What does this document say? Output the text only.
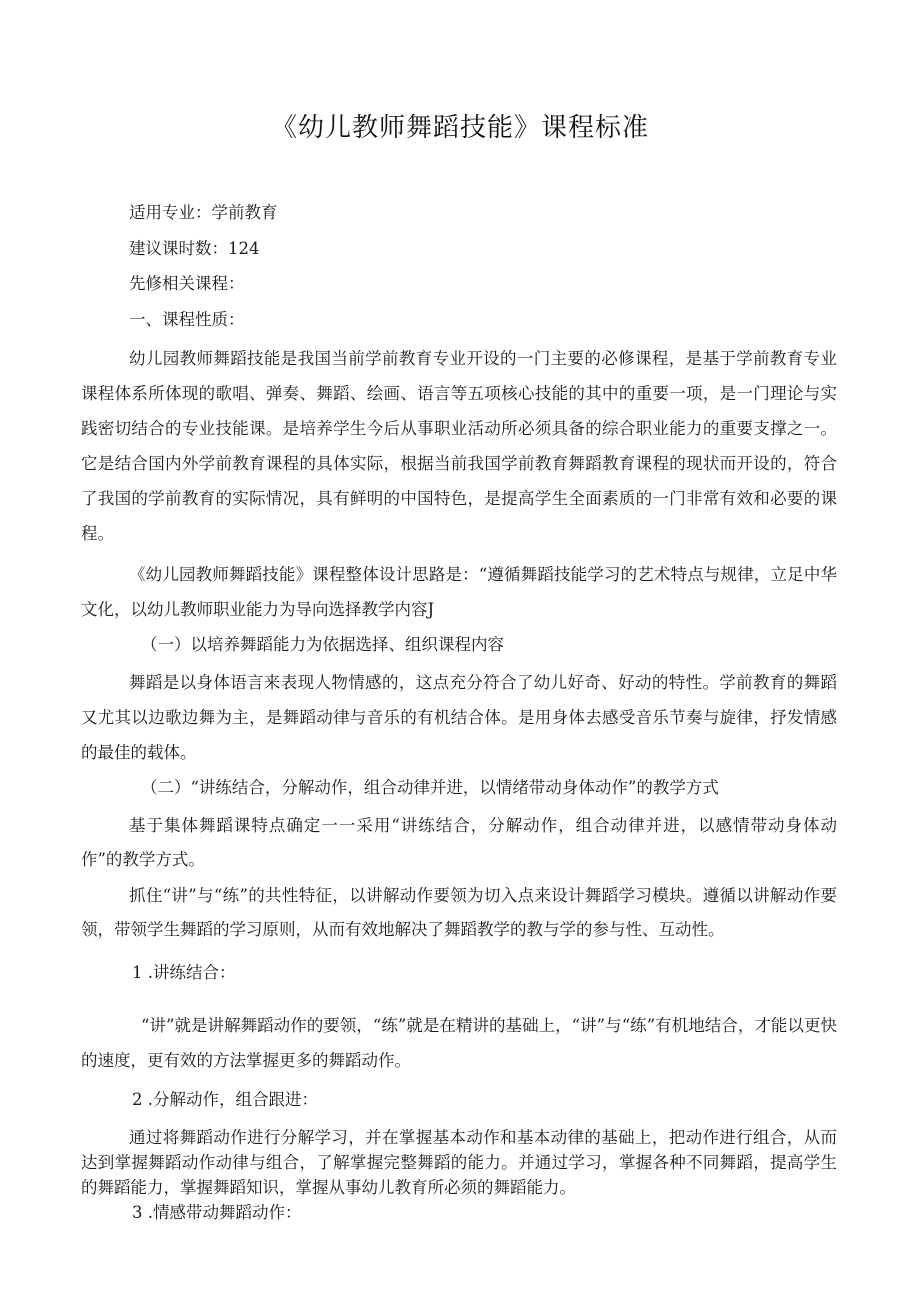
《幼儿教师舞蹈技能》课程标准
适用专业：学前教育
建议课时数：124
先修相关课程：
一、课程性质：
幼儿园教师舞蹈技能是我国当前学前教育专业开设的一门主要的必修课程，是基于学前教育专业课程体系所体现的歌唱、弹奏、舞蹈、绘画、语言等五项核心技能的其中的重要一项，是一门理论与实践密切结合的专业技能课。是培养学生今后从事职业活动所必须具备的综合职业能力的重要支撑之一。它是结合国内外学前教育课程的具体实际，根据当前我国学前教育舞蹈教育课程的现状而开设的，符合了我国的学前教育的实际情况，具有鲜明的中国特色，是提高学生全面素质的一门非常有效和必要的课程。
《幼儿园教师舞蹈技能》课程整体设计思路是：“遵循舞蹈技能学习的艺术特点与规律，立足中华文化，以幼儿教师职业能力为导向选择教学内容J
（一）以培养舞蹈能力为依据选择、组织课程内容
舞蹈是以身体语言来表现人物情感的，这点充分符合了幼儿好奇、好动的特性。学前教育的舞蹈又尤其以边歌边舞为主，是舞蹈动律与音乐的有机结合体。是用身体去感受音乐节奏与旋律，抒发情感的最佳的载体。
（二）“讲练结合，分解动作，组合动律并进，以情绪带动身体动作”的教学方式
基于集体舞蹈课特点确定一一采用“讲练结合，分解动作，组合动律并进，以感情带动身体动作”的教学方式。
抓住“讲”与“练”的共性特征，以讲解动作要领为切入点来设计舞蹈学习模块。遵循以讲解动作要领，带领学生舞蹈的学习原则，从而有效地解决了舞蹈教学的教与学的参与性、互动性。
1 .讲练结合：
“讲”就是讲解舞蹈动作的要领，“练”就是在精讲的基础上，“讲”与“练”有机地结合，才能以更快的速度，更有效的方法掌握更多的舞蹈动作。
2 .分解动作，组合跟进：
通过将舞蹈动作进行分解学习，并在掌握基本动作和基本动律的基础上，把动作进行组合，从而达到掌握舞蹈动作动律与组合，了解掌握完整舞蹈的能力。并通过学习，掌握各种不同舞蹈，提高学生的舞蹈能力，掌握舞蹈知识，掌握从事幼儿教育所必须的舞蹈能力。
3 .情感带动舞蹈动作：
